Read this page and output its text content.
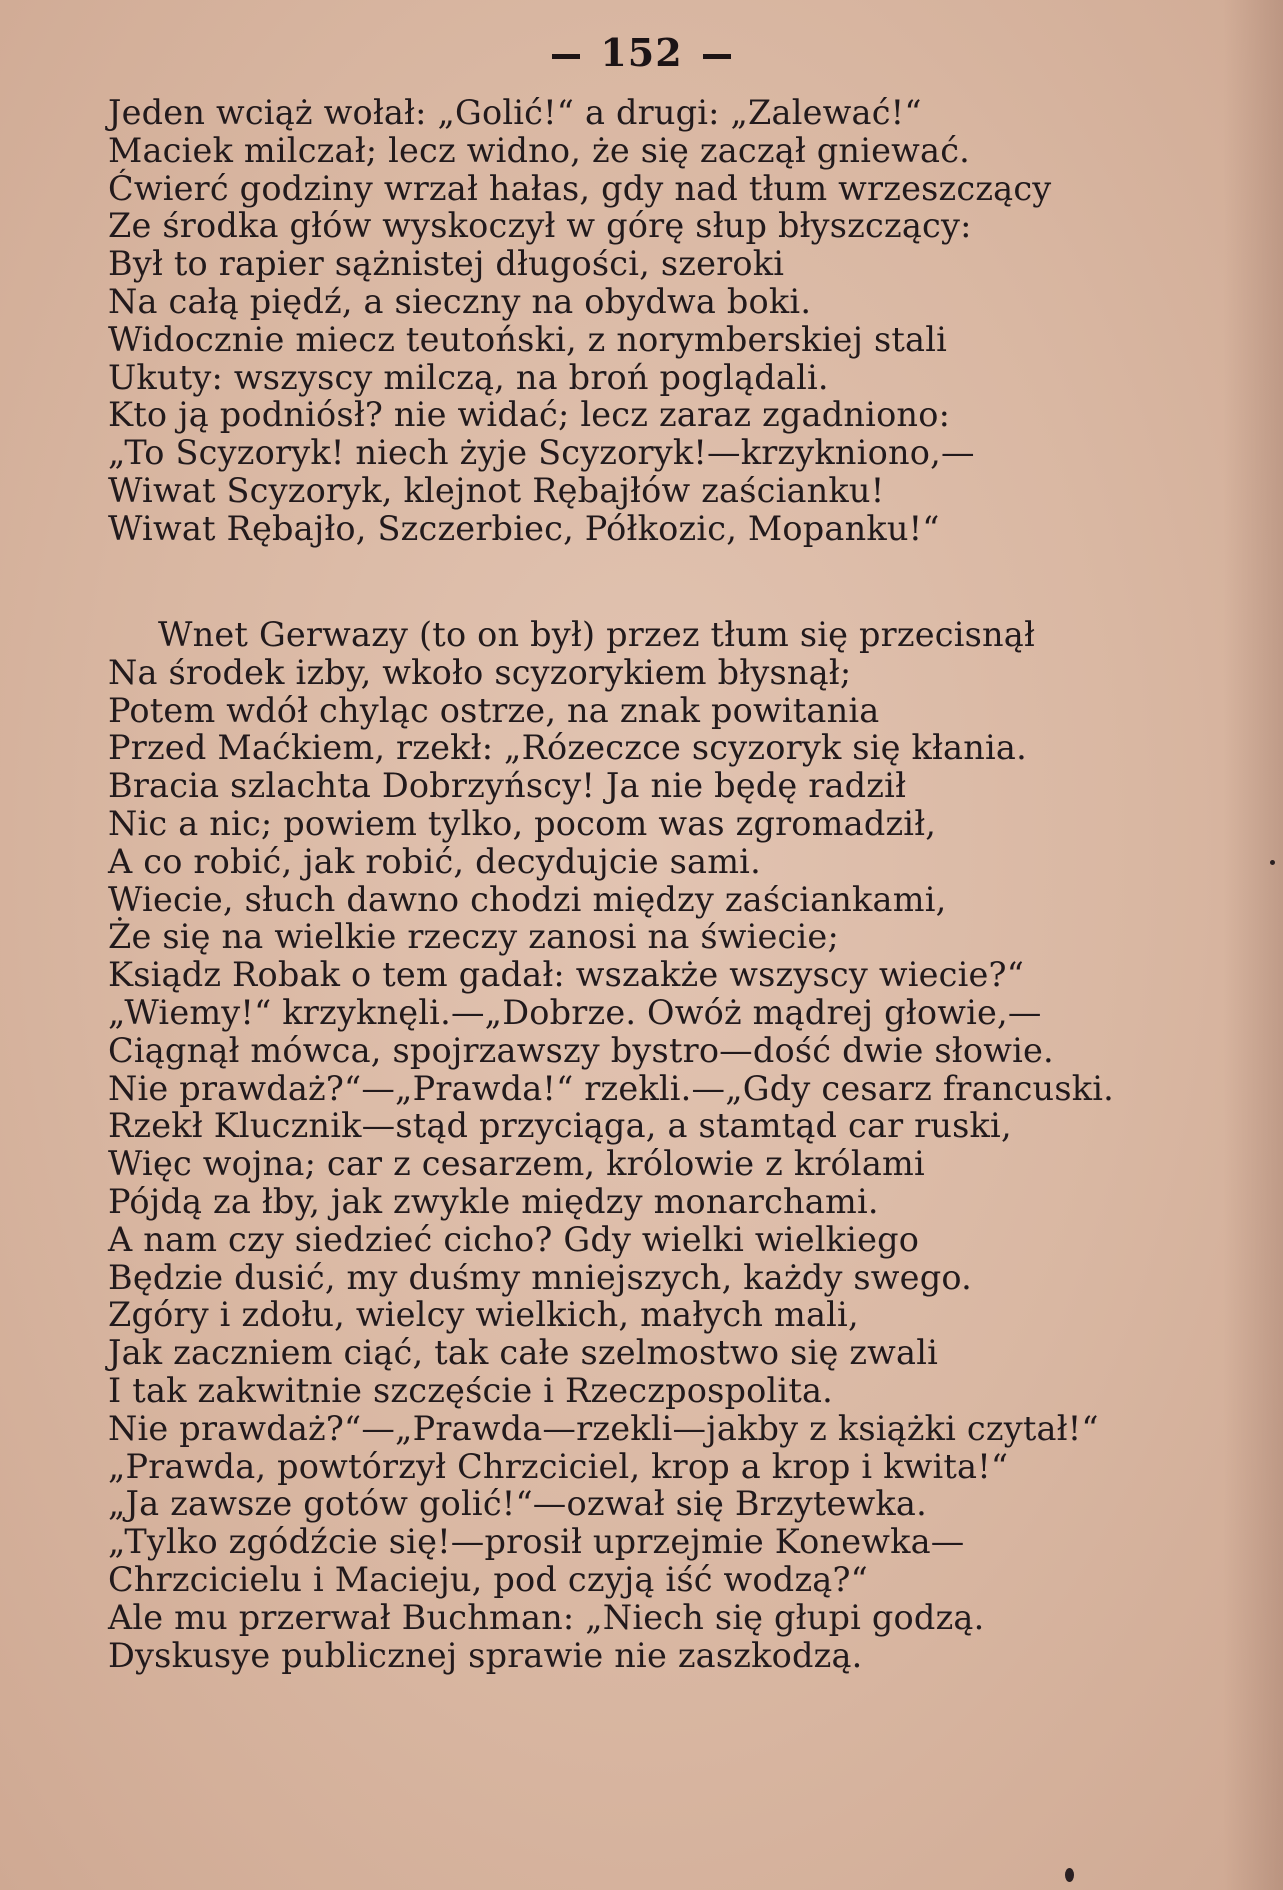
152
Jeden wciąż wołał: „Golić!“ a drugi: „Zalewać!“
Maciek milczał; lecz widno, że się zaczął gniewać.
Ćwierć godziny wrzał hałas, gdy nad tłum wrzeszczący
Ze środka głów wyskoczył w górę słup błyszczący:
Był to rapier sążnistej długości, szeroki
Na całą piędź, a sieczny na obydwa boki.
Widocznie miecz teutoński, z norymberskiej stali
Ukuty: wszyscy milczą, na broń poglądali.
Kto ją podniósł? nie widać; lecz zaraz zgadniono:
„To Scyzoryk! niech żyje Scyzoryk!—krzykniono,—
Wiwat Scyzoryk, klejnot Rębajłów zaścianku!
Wiwat Rębajło, Szczerbiec, Półkozic, Mopanku!“
Wnet Gerwazy (to on był) przez tłum się przecisnął
Na środek izby, wkoło scyzorykiem błysnął;
Potem wdół chyląc ostrze, na znak powitania
Przed Maćkiem, rzekł: „Rózeczce scyzoryk się kłania.
Bracia szlachta Dobrzyńscy! Ja nie będę radził
Nic a nic; powiem tylko, pocom was zgromadził,
A co robić, jak robić, decydujcie sami.
Wiecie, słuch dawno chodzi między zaściankami,
Że się na wielkie rzeczy zanosi na świecie;
Ksiądz Robak o tem gadał: wszakże wszyscy wiecie?“
„Wiemy!“ krzyknęli.—„Dobrze. Owóż mądrej głowie,—
Ciągnął mówca, spojrzawszy bystro—dość dwie słowie.
Nie prawdaż?“—„Prawda!“ rzekli.—„Gdy cesarz francuski.
Rzekł Klucznik—stąd przyciąga, a stamtąd car ruski,
Więc wojna; car z cesarzem, królowie z królami
Pójdą za łby, jak zwykle między monarchami.
A nam czy siedzieć cicho? Gdy wielki wielkiego
Będzie dusić, my duśmy mniejszych, każdy swego.
Zgóry i zdołu, wielcy wielkich, małych mali,
Jak zaczniem ciąć, tak całe szelmostwo się zwali
I tak zakwitnie szczęście i Rzeczpospolita.
Nie prawdaż?“—„Prawda—rzekli—jakby z książki czytał!“
„Prawda, powtórzył Chrzciciel, krop a krop i kwita!“
„Ja zawsze gotów golić!“—ozwał się Brzytewka.
„Tylko zgódźcie się!—prosił uprzejmie Konewka—
Chrzcicielu i Macieju, pod czyją iść wodzą?“
Ale mu przerwał Buchman: „Niech się głupi godzą.
Dyskusye publicznej sprawie nie zaszkodzą.
